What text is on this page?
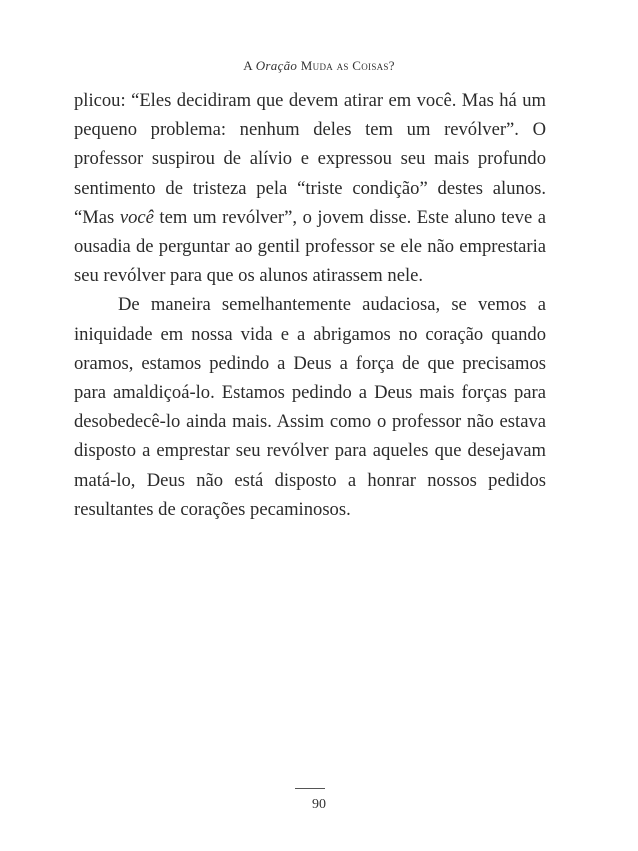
A Oração Muda as Coisas?

plicou: “Eles decidiram que devem atirar em você. Mas há um pequeno problema: nenhum deles tem um revólver”. O professor suspirou de alívio e expressou seu mais profundo sentimento de tristeza pela “triste condição” destes alunos. “Mas você tem um revólver”, o jovem disse. Este aluno teve a ousadia de perguntar ao gentil professor se ele não emprestaria seu revólver para que os alunos atirassem nele.

De maneira semelhantemente audaciosa, se vemos a iniquidade em nossa vida e a abrigamos no coração quando oramos, estamos pedindo a Deus a força de que precisamos para amaldiçoá-lo. Estamos pedindo a Deus mais forças para desobedecê-lo ainda mais. Assim como o professor não estava disposto a emprestar seu revólver para aqueles que desejavam matá-lo, Deus não está disposto a honrar nossos pedidos resultantes de corações pecaminosos.

90
